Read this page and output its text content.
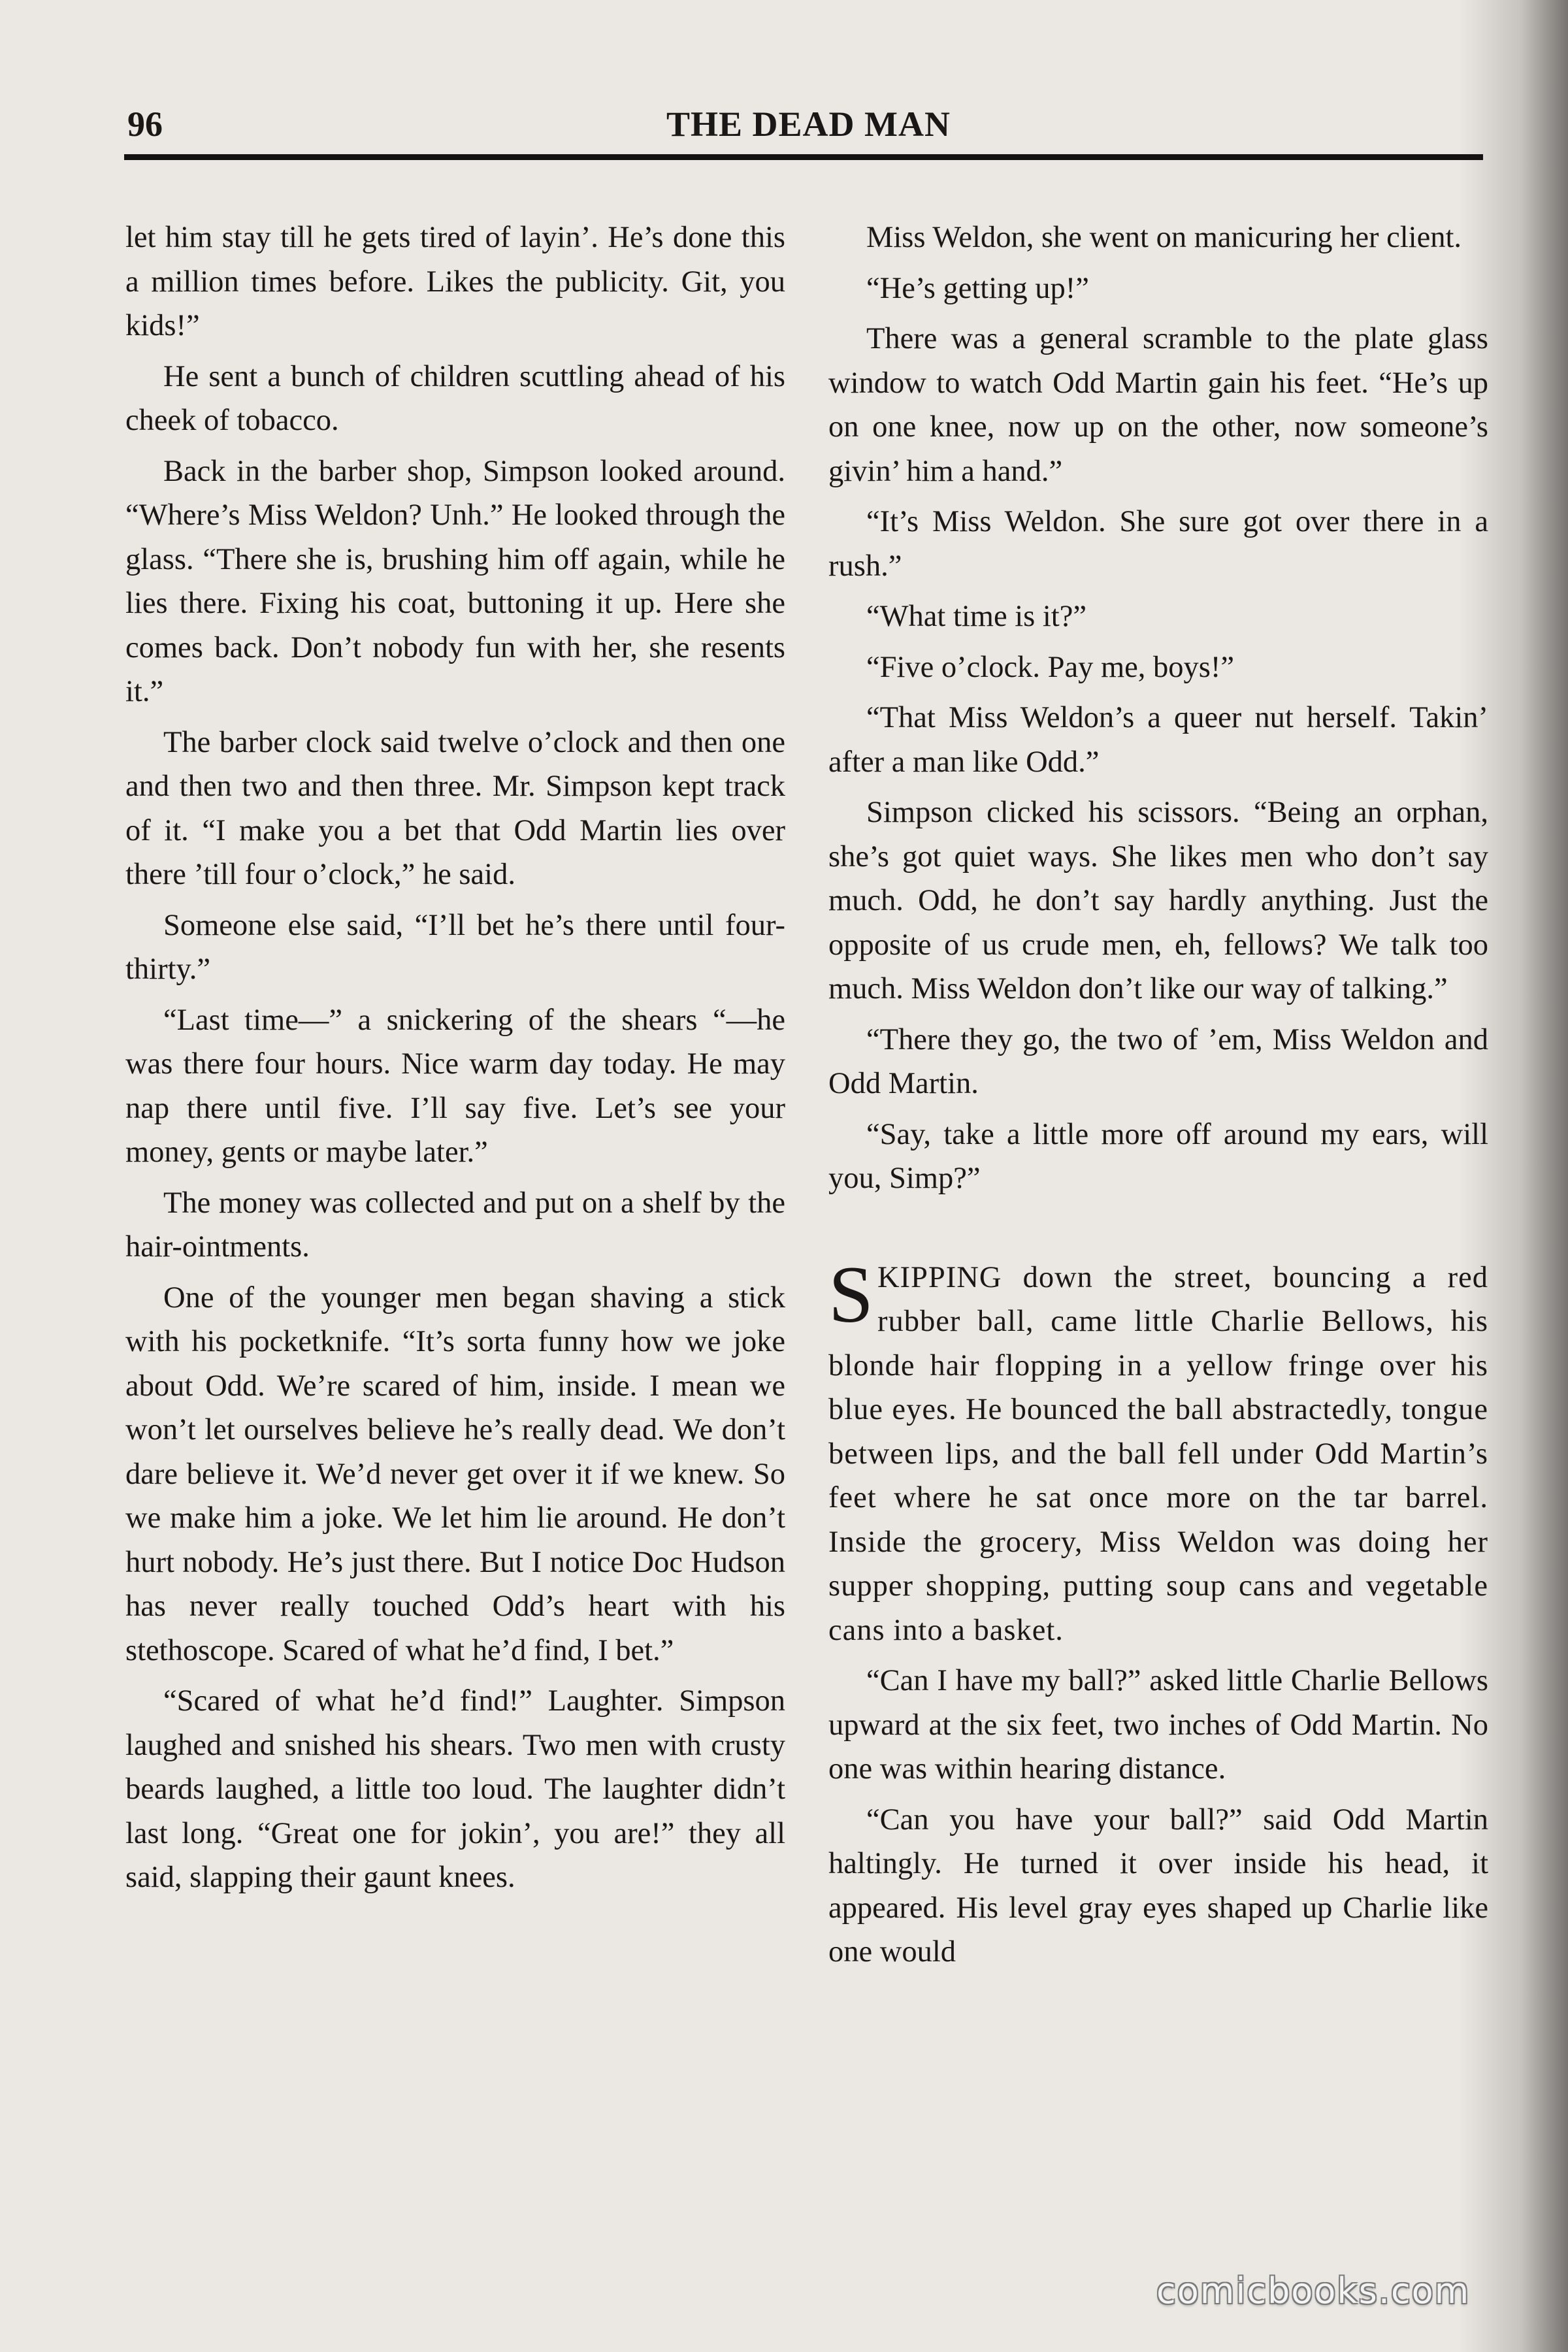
96	THE DEAD MAN

let him stay till he gets tired of layin’. He’s done this a million times before. Likes the publicity. Git, you kids!”

He sent a bunch of children scuttling ahead of his cheek of tobacco.

Back in the barber shop, Simpson looked around. “Where’s Miss Weldon? Unh.” He looked through the glass. “There she is, brushing him off again, while he lies there. Fixing his coat, buttoning it up. Here she comes back. Don’t nobody fun with her, she resents it.”

The barber clock said twelve o’clock and then one and then two and then three. Mr. Simpson kept track of it. “I make you a bet that Odd Martin lies over there ’till four o’clock,” he said.

Someone else said, “I’ll bet he’s there until four-thirty.”

“Last time—” a snickering of the shears “—he was there four hours. Nice warm day today. He may nap there until five. I’ll say five. Let’s see your money, gents or maybe later.”

The money was collected and put on a shelf by the hair-ointments.

One of the younger men began shaving a stick with his pocketknife. “It’s sorta funny how we joke about Odd. We’re scared of him, inside. I mean we won’t let ourselves believe he’s really dead. We don’t dare believe it. We’d never get over it if we knew. So we make him a joke. We let him lie around. He don’t hurt nobody. He’s just there. But I notice Doc Hudson has never really touched Odd’s heart with his stethoscope. Scared of what he’d find, I bet.”

“Scared of what he’d find!” Laughter. Simpson laughed and snished his shears. Two men with crusty beards laughed, a little too loud. The laughter didn’t last long. “Great one for jokin’, you are!” they all said, slapping their gaunt knees.

Miss Weldon, she went on manicuring her client.

“He’s getting up!”

There was a general scramble to the plate glass window to watch Odd Martin gain his feet. “He’s up on one knee, now up on the other, now someone’s givin’ him a hand.”

“It’s Miss Weldon. She sure got over there in a rush.”

“What time is it?”

“Five o’clock. Pay me, boys!”

“That Miss Weldon’s a queer nut herself. Takin’ after a man like Odd.”

Simpson clicked his scissors. “Being an orphan, she’s got quiet ways. She likes men who don’t say much. Odd, he don’t say hardly anything. Just the opposite of us crude men, eh, fellows? We talk too much. Miss Weldon don’t like our way of talking.”

“There they go, the two of ’em, Miss Weldon and Odd Martin.

“Say, take a little more off around my ears, will you, Simp?”

SKIPPING down the street, bouncing a red rubber ball, came little Charlie Bellows, his blonde hair flopping in a yellow fringe over his blue eyes. He bounced the ball abstractedly, tongue between lips, and the ball fell under Odd Martin’s feet where he sat once more on the tar barrel. Inside the grocery, Miss Weldon was doing her supper shopping, putting soup cans and vegetable cans into a basket.

“Can I have my ball?” asked little Charlie Bellows upward at the six feet, two inches of Odd Martin. No one was within hearing distance.

“Can you have your ball?” said Odd Martin haltingly. He turned it over inside his head, it appeared. His level gray eyes shaped up Charlie like one would

comicbooks.com
